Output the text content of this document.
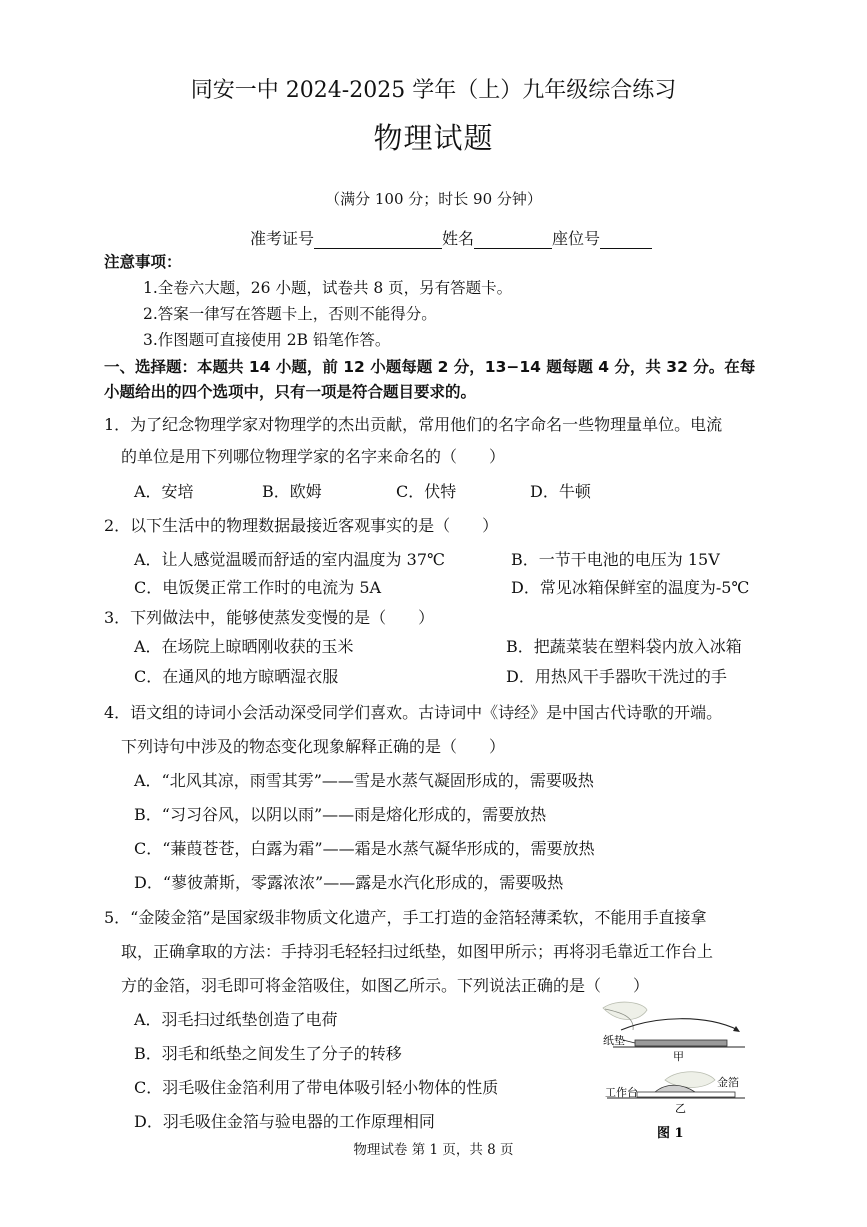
同安一中 2024-2025 学年（上）九年级综合练习
物理试题
（满分 100 分；时长 90 分钟）
准考证号	姓名	座位号
注意事项：
1.全卷六大题，26 小题，试卷共 8 页，另有答题卡。
2.答案一律写在答题卡上，否则不能得分。
3.作图题可直接使用 2B 铅笔作答。
一、选择题：本题共 14 小题，前 12 小题每题 2 分，13−14 题每题 4 分，共 32 分。在每
小题给出的四个选项中，只有一项是符合题目要求的。
1．为了纪念物理学家对物理学的杰出贡献，常用他们的名字命名一些物理量单位。电流
的单位是用下列哪位物理学家的名字来命名的（　　）
A．安培	B．欧姆	C．伏特	D．牛顿
2．以下生活中的物理数据最接近客观事实的是（　　）
A．让人感觉温暖而舒适的室内温度为 37℃	B．一节干电池的电压为 15V
C．电饭煲正常工作时的电流为 5A	D．常见冰箱保鲜室的温度为-5℃
3．下列做法中，能够使蒸发变慢的是（　　）
A．在场院上晾晒刚收获的玉米	B．把蔬菜装在塑料袋内放入冰箱
C．在通风的地方晾晒湿衣服	D．用热风干手器吹干洗过的手
4．语文组的诗词小会活动深受同学们喜欢。古诗词中《诗经》是中国古代诗歌的开端。
下列诗句中涉及的物态变化现象解释正确的是（　　）
A．“北风其凉，雨雪其雱”——雪是水蒸气凝固形成的，需要吸热
B．“习习谷风，以阴以雨”——雨是熔化形成的，需要放热
C．“蒹葭苍苍，白露为霜”——霜是水蒸气凝华形成的，需要放热
D．“蓼彼萧斯，零露浓浓”——露是水汽化形成的，需要吸热
5．“金陵金箔”是国家级非物质文化遗产，手工打造的金箔轻薄柔软，不能用手直接拿
取，正确拿取的方法：手持羽毛轻轻扫过纸垫，如图甲所示；再将羽毛靠近工作台上
方的金箔，羽毛即可将金箔吸住，如图乙所示。下列说法正确的是（　　）
A．羽毛扫过纸垫创造了电荷
B．羽毛和纸垫之间发生了分子的转移
C．羽毛吸住金箔利用了带电体吸引轻小物体的性质
D．羽毛吸住金箔与验电器的工作原理相同
纸垫
甲
工作台
金箔
乙
图 1
物理试卷 第 1 页，共 8 页
